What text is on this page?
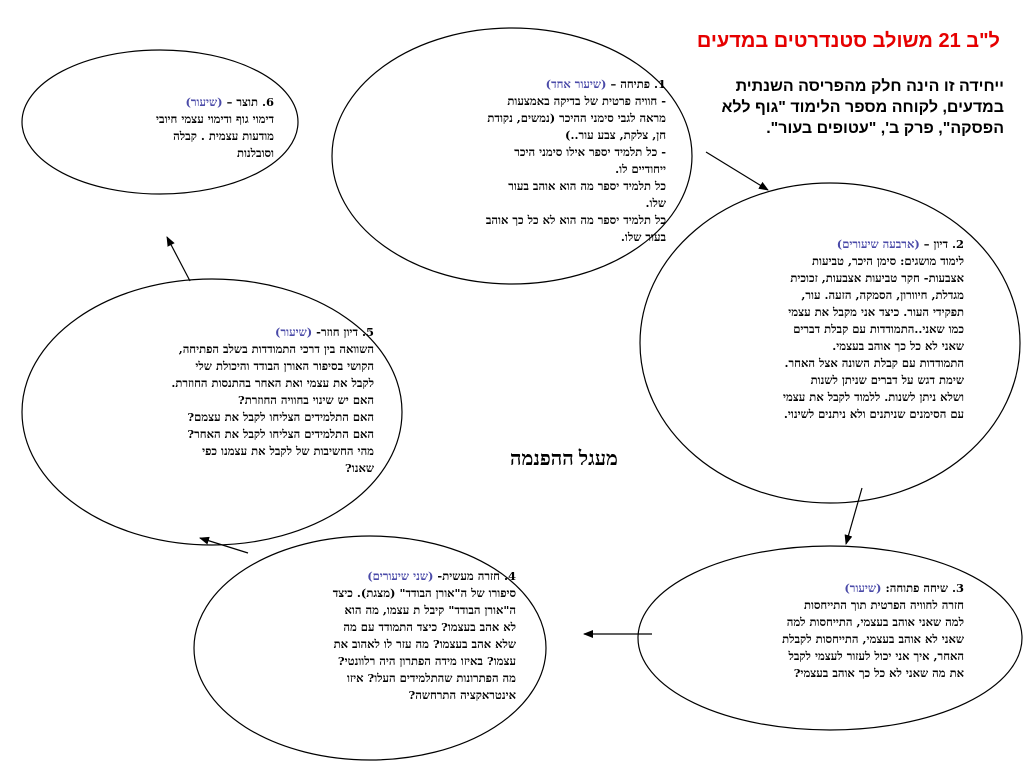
ל"ב 21 משולב סטנדרטים במדעים
ייחידה זו הינה חלק מהפריסה השנתית במדעים, לקוחה מספר הלימוד "גוף ללא הפסקה", פרק ב', "עטופים בעור".
מעגל ההפנמה
1. פתיחה – (שיעור אחד)
- חוויה פרטית של בדיקה באמצעות
מראה לגבי סימני ההיכר (נמשים, נקודת
חן, צלקת, צבע עור..)
- כל תלמיד יספר אילו סימני היכר
ייחודיים לו.
כל תלמיד יספר מה הוא אוהב בעור
שלו.
כל תלמיד יספר מה הוא לא כל כך אוהב
בעור שלו.	2. דיון – (ארבעה שיעורים)
לימוד מושגים: סימן היכר, טביעות
אצבעות- חקר טביעות אצבעות, זכוכית
מגדלת, חיוורון, הסמקה, הזעה. עור,
תפקידי העור. כיצד אני מקבל את עצמי
כמו שאני..התמודדות עם קבלת דברים
שאני לא כל כך אוהב בעצמי.
התמודדות עם קבלת השונה אצל האחר.
שימת דגש על דברים שניתן לשנות
ושלא ניתן לשנות. ללמוד לקבל את עצמי
עם הסימנים שניתנים ולא ניתנים לשינוי.
3. שיחה פתוחה: (שיעור)
חזרה לחוויה הפרטית תוך התייחסות
למה שאני אוהב בעצמי, התייחסות למה
שאני לא אוהב בעצמי, התייחסות לקבלת
האחר, איך אני יכול לעזור לעצמי לקבל
את מה שאני לא כל כך אוהב בעצמי?
4. חזרה מעשית- (שני שיעורים)
סיפורו של ה"אורן הבודד" (מצגת). כיצד
ה"אורן הבודד" קיבל ת עצמו, מה הוא
לא אהב בעצמו? כיצד התמודד עם מה
שלא אהב בעצמו? מה עזר לו לאהוב את
עצמו? באיזו מידה הפתרון היה רלוונטי?
מה הפתרונות שהתלמידים העלו? איזו
אינטראקציה התרחשה?
5. דיון חוזר- (שיעור)
השוואה בין דרכי התמודדות בשלב הפתיחה,
הקושי בסיפור האורן הבודד והיכולת שלי
לקבל את עצמי ואת האחר בהתנסות החוזרת.
האם יש שינוי בחוויה החוזרת?
האם התלמידים הצליחו לקבל את עצמם?
האם התלמידים הצליחו לקבל את האחר?
מהי החשיבות של לקבל את עצמנו כפי
שאנו?
6. תוצר – (שיעור)
דימוי גוף ודימוי עצמי חיובי
מודעות עצמית . קבלה
וסובלנות
